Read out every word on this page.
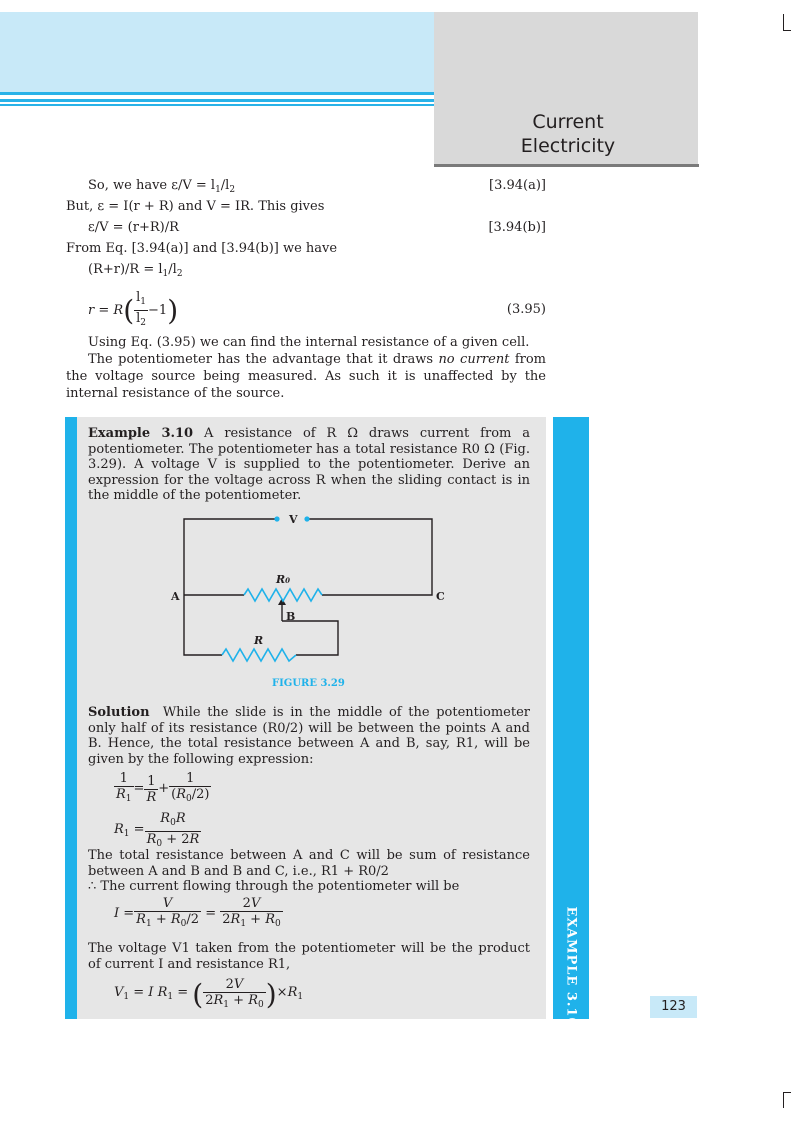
Current
Electricity
So, we have $\varepsilon/V = l_1/l_2$	[3.94(a)]
But, ε = I(r + R) and V = IR. This gives
ε/V = (r+R)/R	[3.94(b)]
From Eq. [3.94(a)] and [3.94(b)] we have
$(R+r)/R = l_1/l_2$
$r = R( \frac{l_1}{l_2} -1)$	(3.95)
Using Eq. (3.95) we can find the internal resistance of a given cell.
The potentiometer has the advantage that it draws no current from the voltage source being measured. As such it is unaffected by the internal resistance of the source.
EXAMPLE 3.10
Example 3.10 A resistance of R Ω draws current from a potentiometer. The potentiometer has a total resistance R0 Ω (Fig. 3.29). A voltage V is supplied to the potentiometer. Derive an expression for the voltage across R when the sliding contact is in the middle of the potentiometer.
V
R0
A
B
C
R
FIGURE 3.29
Solution While the slide is in the middle of the potentiometer only half of its resistance (R0/2) will be between the points A and B. Hence, the total resistance between A and B, say, R1, will be given by the following expression:
$\frac{1}{R_1} = \frac{1}{R} + \frac{1}{(R_0/2)}$
$R_1 = \frac{R_0R}{R_0 + 2R}$
The total resistance between A and C will be sum of resistance between A and B and B and C, i.e., R1 + R0/2
∴ The current flowing through the potentiometer will be
$I = \frac{V}{R_1 + R_0/2} = \frac{2V}{2R_1 + R_0}$
The voltage V1 taken from the potentiometer will be the product of current I and resistance R1,
$V_1 = I$ $R_1$ = ( $\frac{2V}{2R_1 + R_0} )\times R_1$
123
